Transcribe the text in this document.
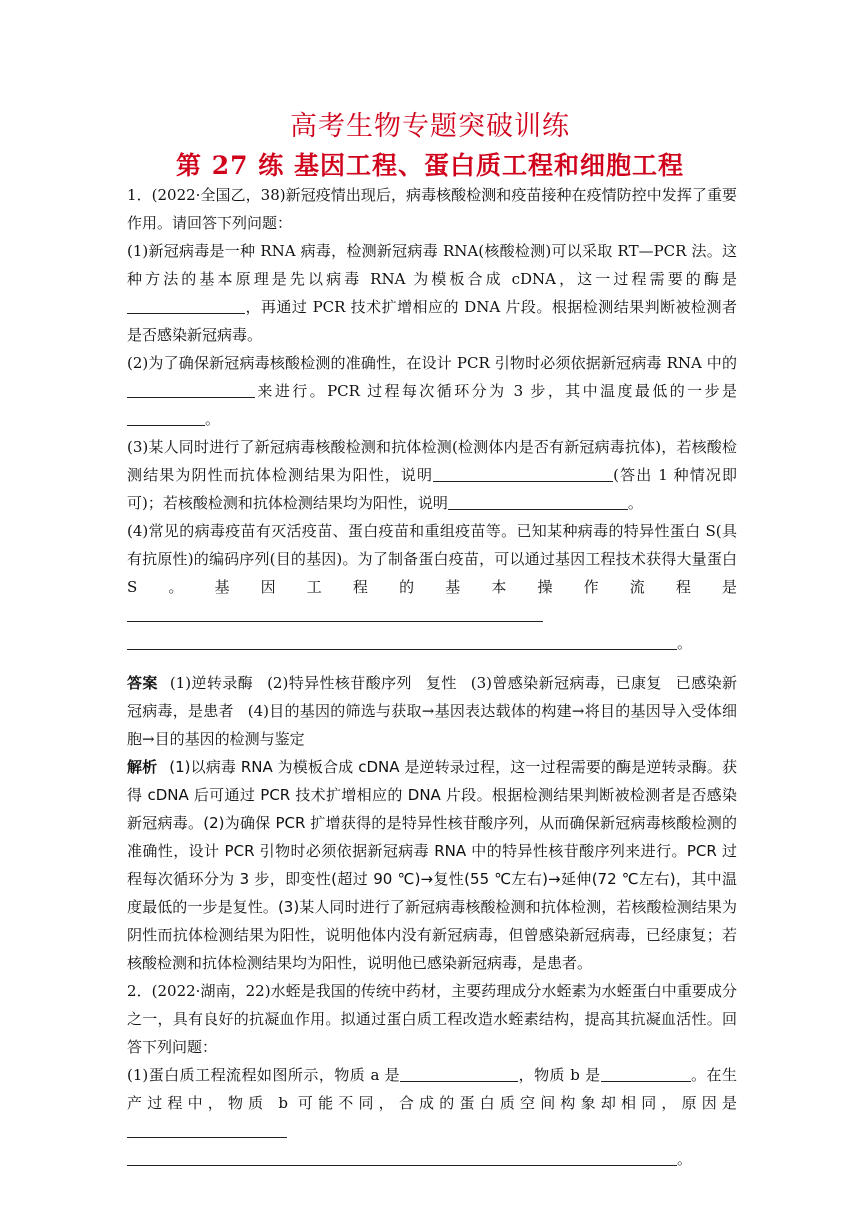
高考生物专题突破训练
第 27 练 基因工程、蛋白质工程和细胞工程

1．(2022·全国乙，38)新冠疫情出现后，病毒核酸检测和疫苗接种在疫情防控中发挥了重要作用。请回答下列问题：

(1)新冠病毒是一种 RNA 病毒，检测新冠病毒 RNA(核酸检测)可以采取 RT—PCR 法。这种方法的基本原理是先以病毒 RNA 为模板合成 cDNA，这一过程需要的酶是，再通过 PCR 技术扩增相应的 DNA 片段。根据检测结果判断被检测者是否感染新冠病毒。

(2)为了确保新冠病毒核酸检测的准确性，在设计 PCR 引物时必须依据新冠病毒 RNA 中的来进行。PCR 过程每次循环分为 3 步，其中温度最低的一步是。

(3)某人同时进行了新冠病毒核酸检测和抗体检测(检测体内是否有新冠病毒抗体)，若核酸检测结果为阴性而抗体检测结果为阳性，说明	(答出 1 种情况即可)；若核酸检测和抗体检测结果均为阳性，说明	。

(4)常见的病毒疫苗有灭活疫苗、蛋白疫苗和重组疫苗等。已知某种病毒的特异性蛋白 S(具有抗原性)的编码序列(目的基因)。为了制备蛋白疫苗，可以通过基因工程技术获得大量蛋白 S。基因工程的基本操作流程是

。

答案 (1)逆转录酶 (2)特异性核苷酸序列 复性 (3)曾感染新冠病毒，已康复 已感染新冠病毒，是患者 (4)目的基因的筛选与获取→基因表达载体的构建→将目的基因导入受体细胞→目的基因的检测与鉴定

解析 (1)以病毒 RNA 为模板合成 cDNA 是逆转录过程，这一过程需要的酶是逆转录酶。获得 cDNA 后可通过 PCR 技术扩增相应的 DNA 片段。根据检测结果判断被检测者是否感染新冠病毒。(2)为确保 PCR 扩增获得的是特异性核苷酸序列，从而确保新冠病毒核酸检测的准确性，设计 PCR 引物时必须依据新冠病毒 RNA 中的特异性核苷酸序列来进行。PCR 过程每次循环分为 3 步，即变性(超过 90 ℃)→复性(55 ℃左右)→延伸(72 ℃左右)，其中温度最低的一步是复性。(3)某人同时进行了新冠病毒核酸检测和抗体检测，若核酸检测结果为阴性而抗体检测结果为阳性，说明他体内没有新冠病毒，但曾感染新冠病毒，已经康复；若核酸检测和抗体检测结果均为阳性，说明他已感染新冠病毒，是患者。

2．(2022·湖南，22)水蛭是我国的传统中药材，主要药理成分水蛭素为水蛭蛋白中重要成分之一，具有良好的抗凝血作用。拟通过蛋白质工程改造水蛭素结构，提高其抗凝血活性。回答下列问题：

(1)蛋白质工程流程如图所示，物质 a 是	，物质 b 是	。在生产过程中，物质 b 可能不同，合成的蛋白质空间构象却相同，原因是

。
